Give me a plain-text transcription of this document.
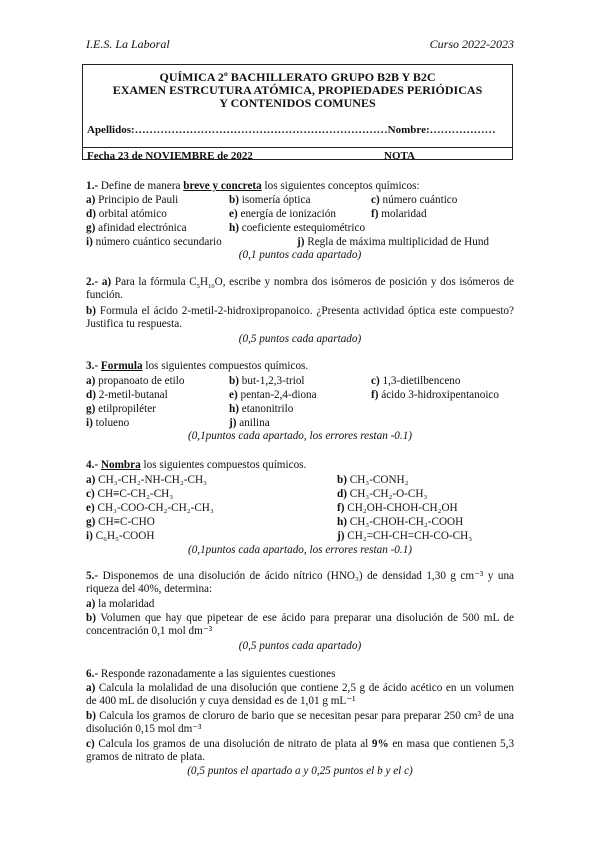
I.E.S. La Laboral	Curso 2022-2023
QUÍMICA 2º BACHILLERATO GRUPO B2B Y B2C
EXAMEN ESTRCUTURA ATÓMICA, PROPIEDADES PERIÓDICAS
Y CONTENIDOS COMUNES
Apellidos:……………………………………………………………Nombre:………………
Fecha 23 de NOVIEMBRE de 2022	NOTA
1.- Define de manera breve y concreta los siguientes conceptos químicos:
a) Principio de Pauli	b) isomería óptica	c) número cuántico
d) orbital atómico	e) energía de ionización	f) molaridad
g) afinidad electrónica	h) coeficiente estequiométrico
i) número cuántico secundario	j) Regla de máxima multiplicidad de Hund
(0,1 puntos cada apartado)
2.- a) Para la fórmula $C_5H_{10}O$, escribe y nombra dos isómeros de posición y dos isómeros de función.
b) Formula el ácido 2-metil-2-hidroxipropanoico. ¿Presenta actividad óptica este compuesto? Justifica tu respuesta.
(0,5 puntos cada apartado)
3.- Formula los siguientes compuestos químicos.
a) propanoato de etilo	b) but-1,2,3-triol	c) 1,3-dietilbenceno
d) 2-metil-butanal	e) pentan-2,4-diona	f) ácido 3-hidroxipentanoico
g) etilpropiléter	h) etanonitrilo
i) tolueno	j) anilina
(0,1puntos cada apartado, los errores restan -0.1)
4.- Nombra los siguientes compuestos químicos.
a) CH₃-CH₂-NH-CH₂-CH₃	b) CH₃-CONH₂
c) CH≡C-CH₂-CH₃	d) CH₃-CH₂-O-CH₃
e) CH₃-COO-CH₂-CH₂-CH₃	f) CH₂OH-CHOH-CH₂OH
g) CH≡C-CHO	h) CH₃-CHOH-CH₂-COOH
i) C₆H₅-COOH	j) CH₂=CH-CH=CH-CO-CH₃
(0,1puntos cada apartado, los errores restan -0.1)
5.- Disponemos de una disolución de ácido nítrico (HNO₃) de densidad 1,30 g cm⁻³ y una riqueza del 40%, determina:
a) la molaridad
b) Volumen que hay que pipetear de ese ácido para preparar una disolución de 500 mL de concentración 0,1 mol dm⁻³
(0,5 puntos cada apartado)
6.- Responde razonadamente a las siguientes cuestiones
a) Calcula la molalidad de una disolución que contiene 2,5 g de ácido acético en un volumen de 400 mL de disolución y cuya densidad es de 1,01 g mL⁻¹
b) Calcula los gramos de cloruro de bario que se necesitan pesar para preparar 250 cm³ de una disolución 0,15 mol dm⁻³
c) Calcula los gramos de una disolución de nitrato de plata al 9% en masa que contienen 5,3 gramos de nitrato de plata.
(0,5 puntos el apartado a y 0,25 puntos el b y el c)
